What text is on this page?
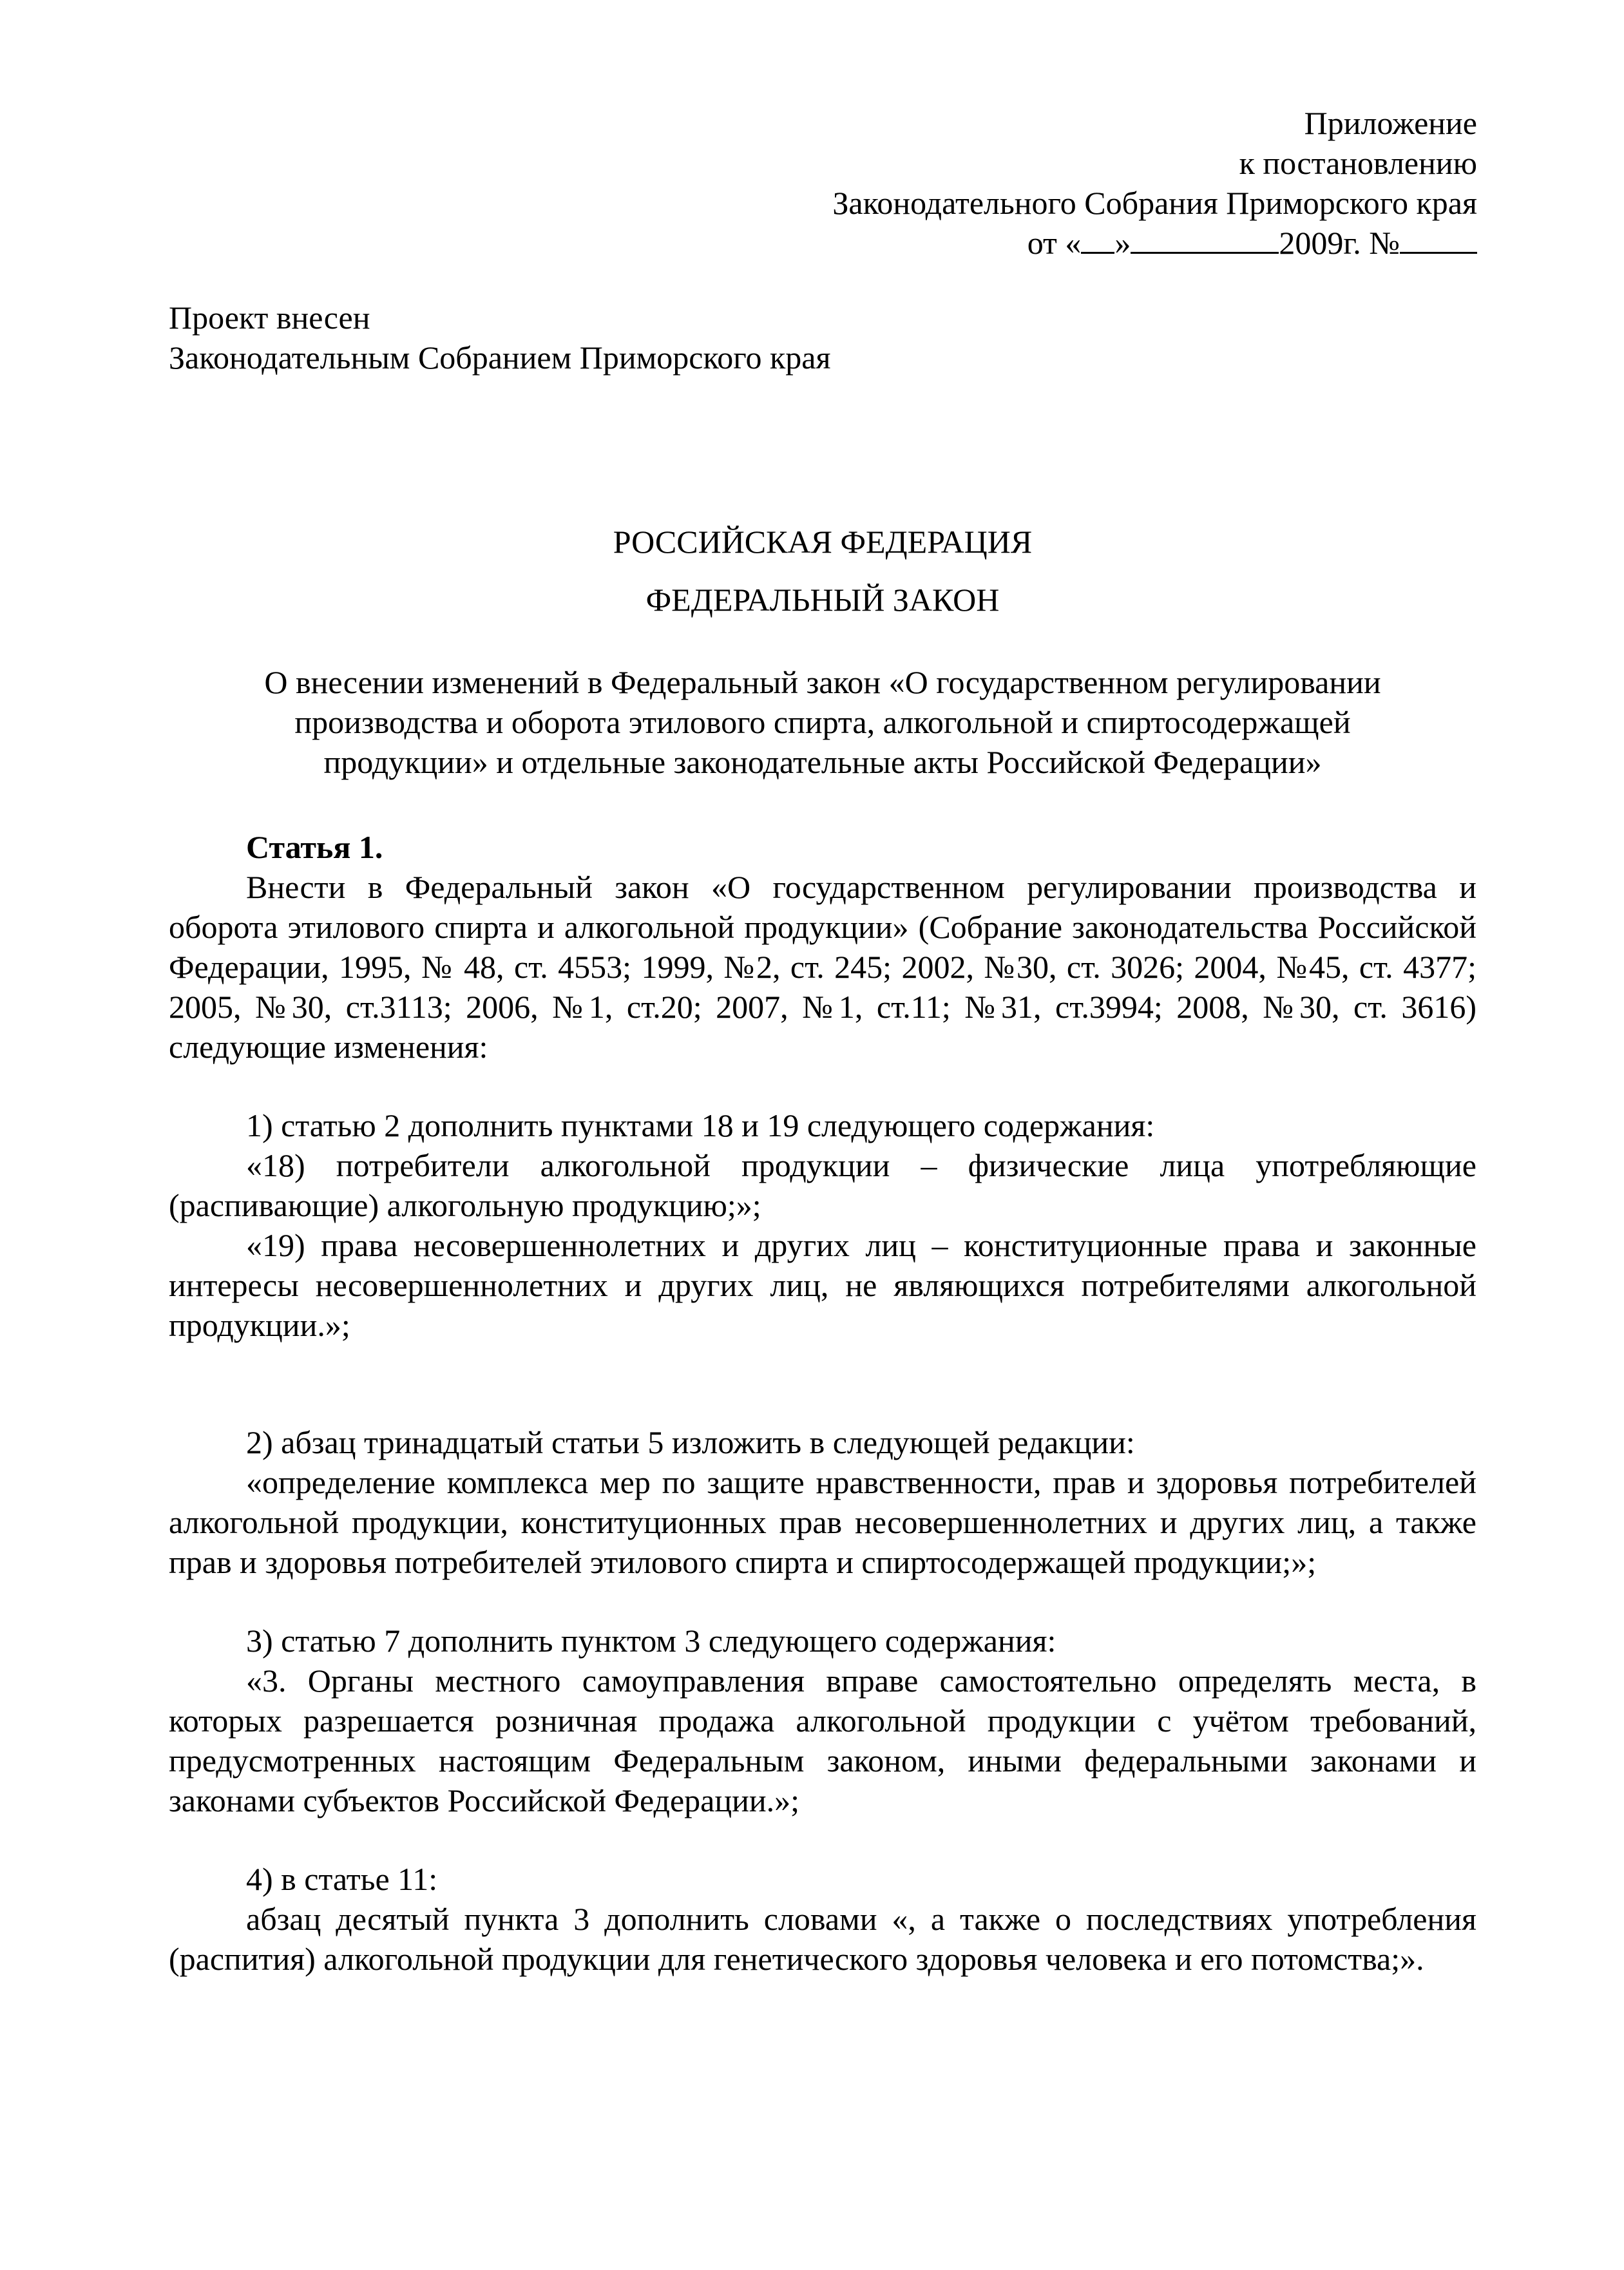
Приложение
к постановлению
Законодательного Собрания Приморского края
от « »	2009г. №
Проект внесен
Законодательным Собранием Приморского края
РОССИЙСКАЯ ФЕДЕРАЦИЯ
ФЕДЕРАЛЬНЫЙ ЗАКОН
О внесении изменений в Федеральный закон «О государственном регулировании
производства и оборота этилового спирта, алкогольной и спиртосодержащей
продукции» и отдельные законодательные акты Российской Федерации»

Статья 1.

Внести в Федеральный закон «О государственном регулировании производства и оборота этилового спирта и алкогольной продукции» (Собрание законодательства Российской Федерации, 1995, № 48, ст. 4553; 1999, №2, ст. 245; 2002, №30, ст. 3026; 2004, №45, ст. 4377; 2005, №30, ст.3113; 2006, №1, ст.20; 2007, №1, ст.11; №31, ст.3994; 2008, №30, ст. 3616) следующие изменения:

1) статью 2 дополнить пунктами 18 и 19 следующего содержания:

«18) потребители алкогольной продукции – физические лица употребляющие (распивающие) алкогольную продукцию;»;

«19) права несовершеннолетних и других лиц – конституционные права и законные интересы несовершеннолетних и других лиц, не являющихся потребителями алкогольной продукции.»;

2) абзац тринадцатый статьи 5 изложить в следующей редакции:

«определение комплекса мер по защите нравственности, прав и здоровья потребителей алкогольной продукции, конституционных прав несовершеннолетних и других лиц, а также прав и здоровья потребителей этилового спирта и спиртосодержащей продукции;»;

3) статью 7 дополнить пунктом 3 следующего содержания:

«3. Органы местного самоуправления вправе самостоятельно определять места, в которых разрешается розничная продажа алкогольной продукции с учётом требований, предусмотренных настоящим Федеральным законом, иными федеральными законами и законами субъектов Российской Федерации.»;

4) в статье 11:

абзац десятый пункта 3 дополнить словами «, а также о последствиях употребления (распития) алкогольной продукции для генетического здоровья человека и его потомства;».
